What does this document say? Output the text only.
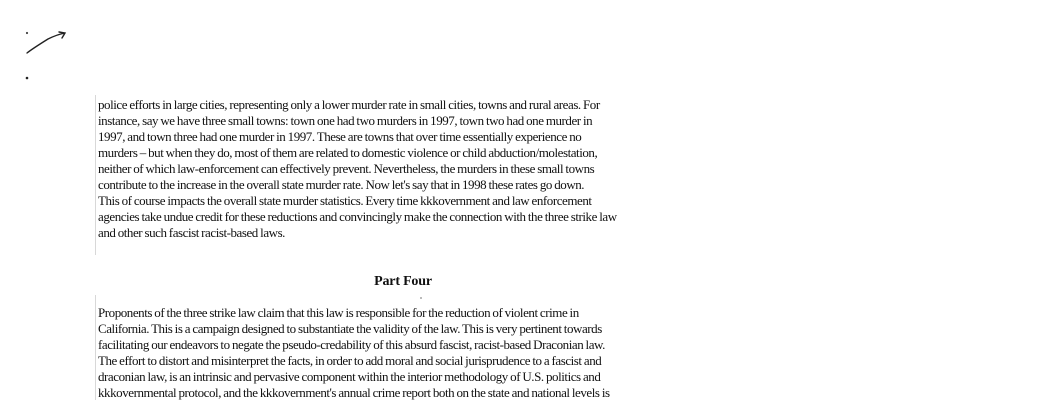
police efforts in large cities, representing only a lower murder rate in small cities, towns and rural areas. For
instance, say we have three small towns: town one had two murders in 1997, town two had one murder in
1997, and town three had one murder in 1997. These are towns that over time essentially experience no
murders – but when they do, most of them are related to domestic violence or child abduction/molestation,
neither of which law-enforcement can effectively prevent. Nevertheless, the murders in these small towns
contribute to the increase in the overall state murder rate. Now let's say that in 1998 these rates go down.
This of course impacts the overall state murder statistics. Every time kkkovernment and law enforcement
agencies take undue credit for these reductions and convincingly make the connection with the three strike law
and other such fascist racist-based laws.
Part Four
Proponents of the three strike law claim that this law is responsible for the reduction of violent crime in
California. This is a campaign designed to substantiate the validity of the law. This is very pertinent towards
facilitating our endeavors to negate the pseudo-credability of this absurd fascist, racist-based Draconian law.
The effort to distort and misinterpret the facts, in order to add moral and social jurisprudence to a fascist and
draconian law, is an intrinsic and pervasive component within the interior methodology of U.S. politics and
kkkovernmental protocol, and the kkkovernment's annual crime report both on the state and national levels is
